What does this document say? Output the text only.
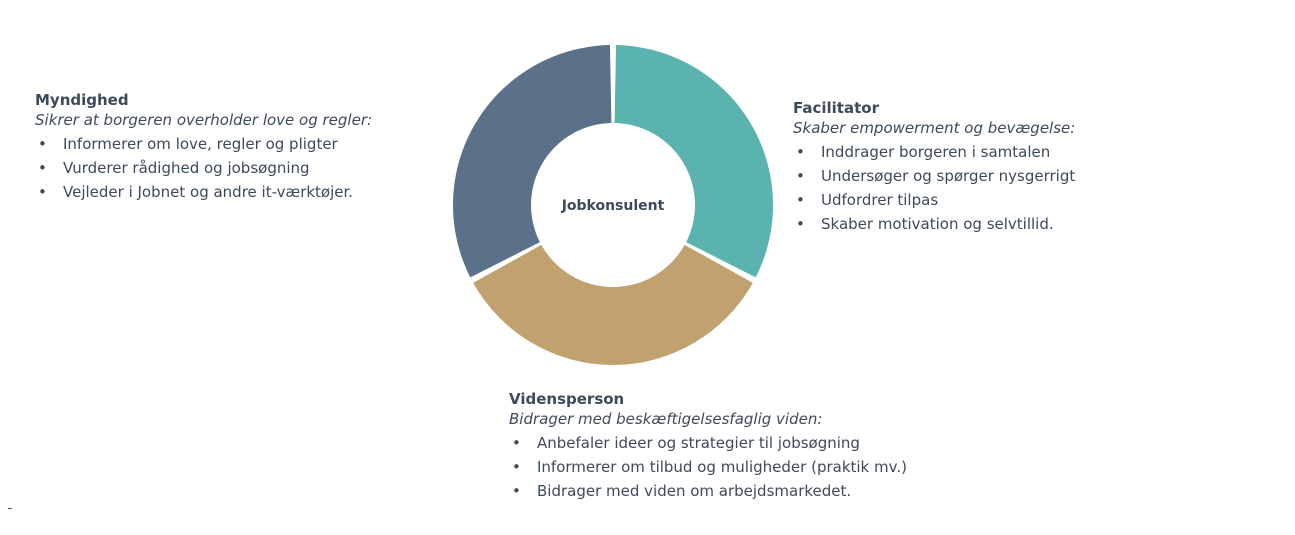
Jobkonsulent
Myndighed
Sikrer at borgeren overholder love og regler:
• Informerer om love, regler og pligter
• Vurderer rådighed og jobsøgning
• Vejleder i Jobnet og andre it-værktøjer.
Facilitator
Skaber empowerment og bevægelse:
• Inddrager borgeren i samtalen
• Undersøger og spørger nysgerrigt
• Udfordrer tilpas
• Skaber motivation og selvtillid.
Vidensperson
Bidrager med beskæftigelsesfaglig viden:
• Anbefaler ideer og strategier til jobsøgning
• Informerer om tilbud og muligheder (praktik mv.)
• Bidrager med viden om arbejdsmarkedet.
